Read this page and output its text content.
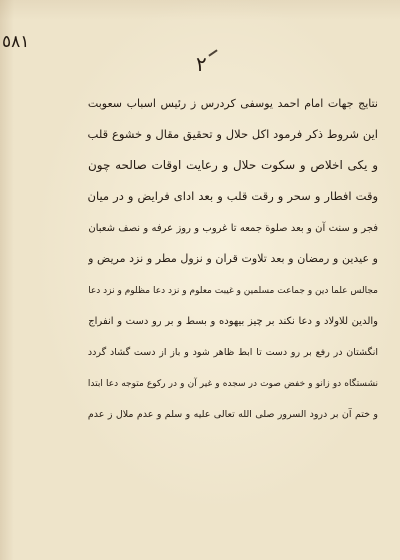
٥٨١
٢
نتایج جهات امام احمد یوسفی کردرس ز رئیس اسباب سعوبت
این شروط ذکر فرمود اکل حلال و تحقیق مقال و خشوع قلب
و یکی اخلاص و سکوت حلال و رعایت اوقات صالحه چون
وقت افطار و سحر و رقت قلب و بعد ادای فرایض و در میان
فجر و سنت آن و بعد صلوة جمعه تا غروب و روز عرفه و نصف شعبان
و عیدین و رمضان و بعد تلاوت قران و نزول مطر و نزد مریض و
مجالس علما دین و جماعت مسلمین و غیبت معلوم و نزد دعا مظلوم و نزد دعا
والدین للاولاد و دعا نکند بر چیز بیهوده و بسط و بر رو دست و انفراج
انگشتان در رفع بر رو دست تا ابط ظاهر شود و باز از دست گشاد گردد
نشستگاه دو زانو و خفض صوت در سجده و غیر آن و در رکوع متوجه دعا ابتدا
و ختم آن بر درود السرور صلی الله تعالی علیه و سلم و عدم ملال ز عدم
